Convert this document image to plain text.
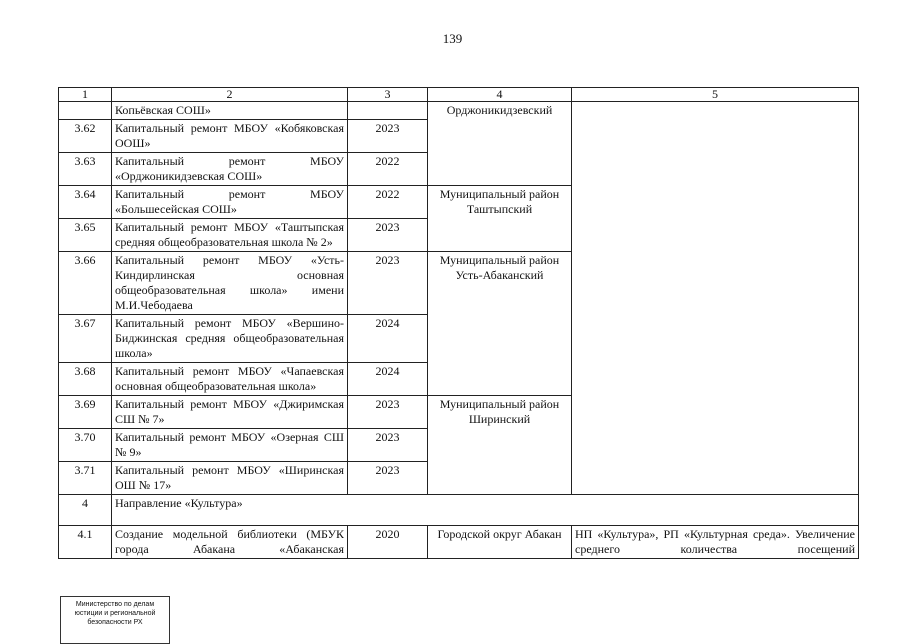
139
1	2	3	4	5
	Копьёвская СОШ»		Орджоникидзевский	
3.62	Капитальный ремонт МБОУ «Кобяковская ООШ»	2023		
3.63	Капитальный ремонт МБОУ «Орджоникидзевская СОШ»	2022		
3.64	Капитальный ремонт МБОУ «Большесейская СОШ»	2022	Муниципальный район Таштыпский	
3.65	Капитальный ремонт МБОУ «Таштыпская средняя общеобразовательная школа № 2»	2023		
3.66	Капитальный ремонт МБОУ «Усть-Киндирлинская основная общеобразовательная школа» имени М.И.Чебодаева	2023	Муниципальный район Усть-Абаканский	
3.67	Капитальный ремонт МБОУ «Вершино-Биджинская средняя общеобразовательная школа»	2024		
3.68	Капитальный ремонт МБОУ «Чапаевская основная общеобразовательная школа»	2024		
3.69	Капитальный ремонт МБОУ «Джиримская СШ № 7»	2023	Муниципальный район Ширинский	
3.70	Капитальный ремонт МБОУ «Озерная СШ № 9»	2023		
3.71	Капитальный ремонт МБОУ «Ширинская ОШ № 17»	2023		
4	Направление «Культура»			
4.1	Создание модельной библиотеки (МБУК города Абакана «Абаканская	2020	Городской округ Абакан	НП «Культура», РП «Культурная среда». Увеличение среднего количества посещений
Министерство по делам
юстиции и региональной
безопасности РХ
